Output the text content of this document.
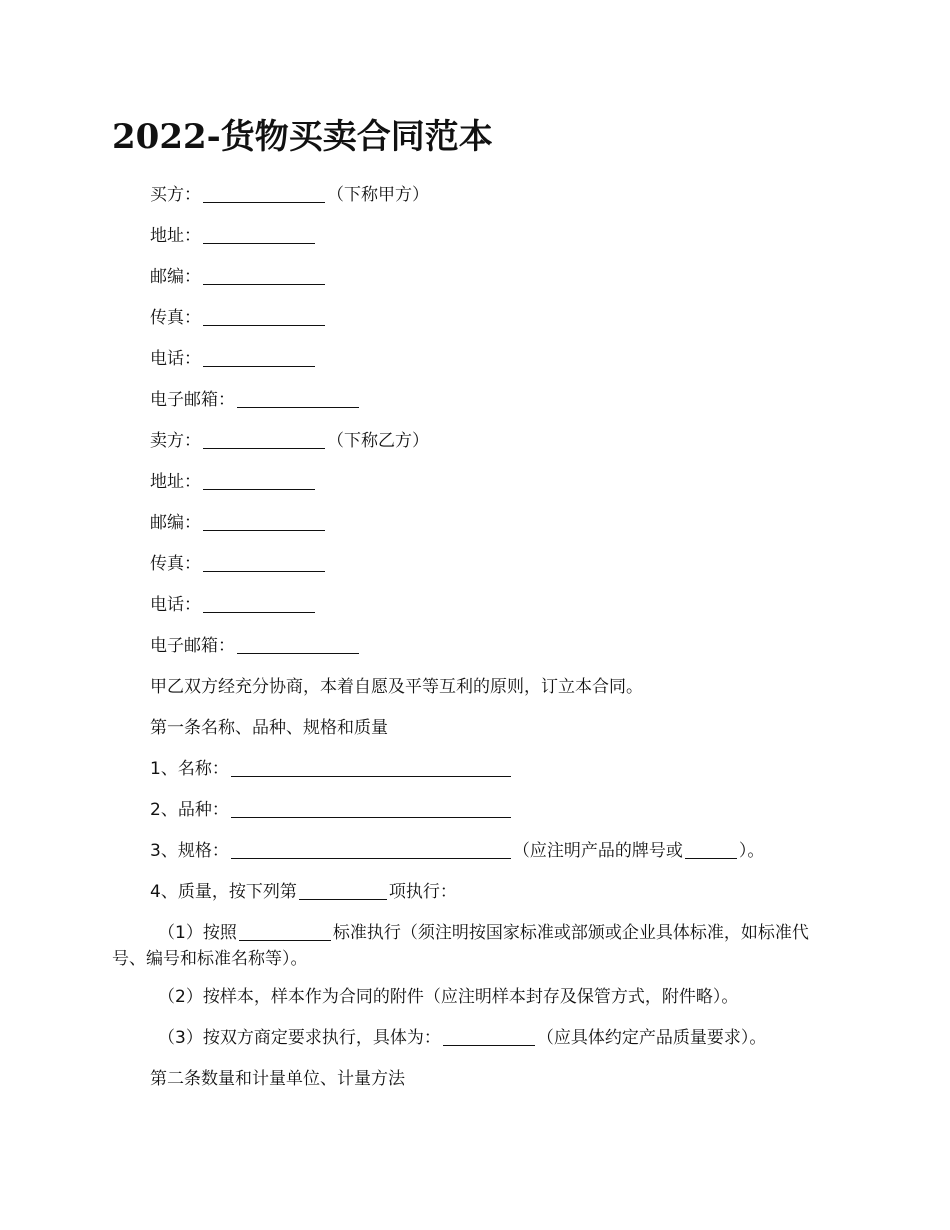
2022-货物买卖合同范本
买方：	（下称甲方）
地址：
邮编：
传真：
电话：
电子邮箱：
卖方：	（下称乙方）
地址：
邮编：
传真：
电话：
电子邮箱：
甲乙双方经充分协商，本着自愿及平等互利的原则，订立本合同。
第一条名称、品种、规格和质量
1、名称：
2、品种：
3、规格：	（应注明产品的牌号或	）。
4、质量，按下列第	项执行：
（1）按照	标准执行（须注明按国家标准或部颁或企业具体标准，如标准代号、编号和标准名称等）。
（2）按样本，样本作为合同的附件（应注明样本封存及保管方式，附件略）。
（3）按双方商定要求执行，具体为：	（应具体约定产品质量要求）。
第二条数量和计量单位、计量方法
